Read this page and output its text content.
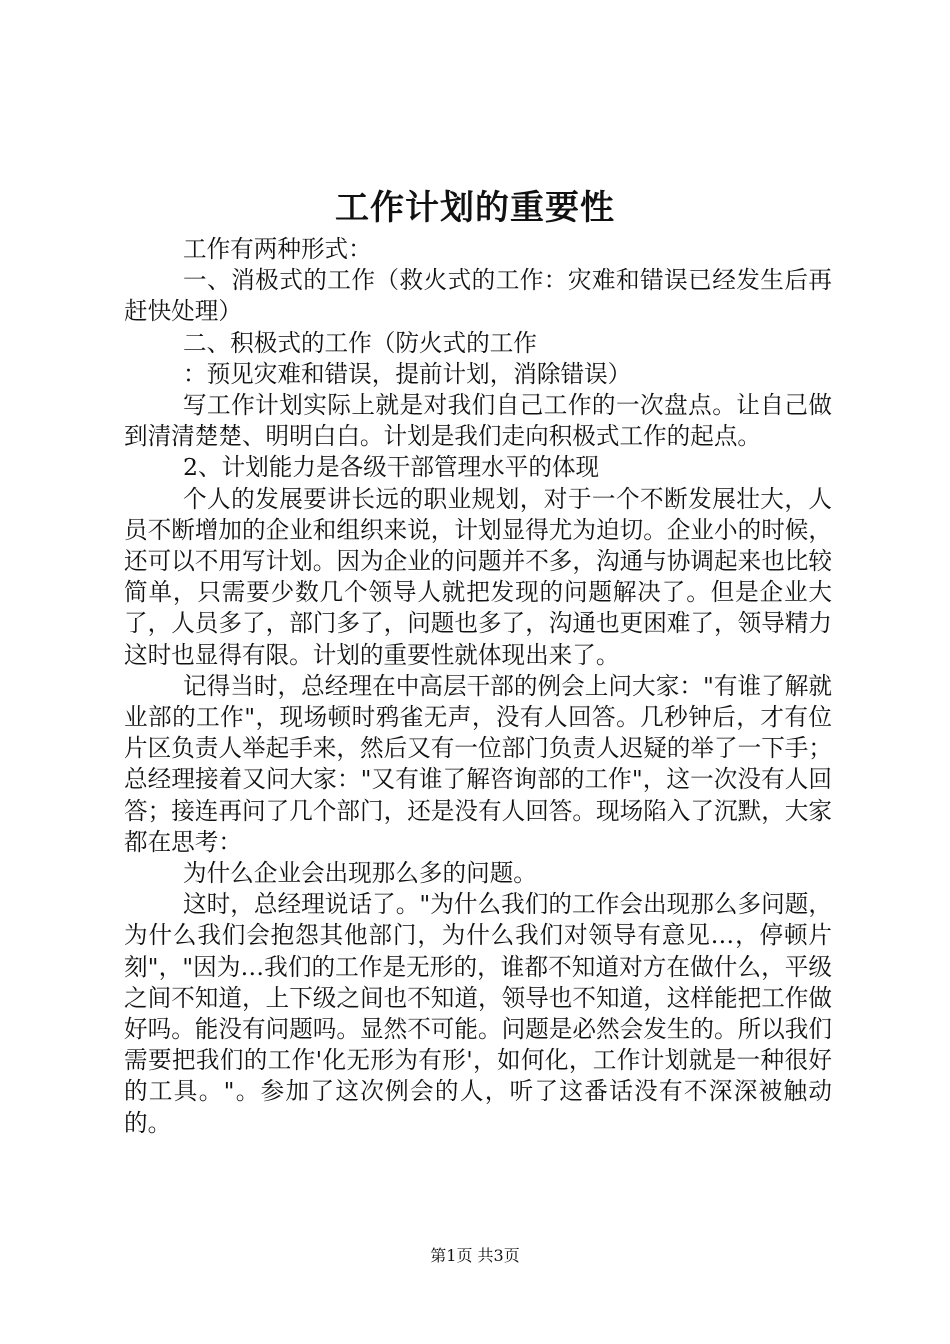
工作计划的重要性

工作有两种形式：

一、消极式的工作（救火式的工作：灾难和错误已经发生后再赶快处理）

二、积极式的工作（防火式的工作

：预见灾难和错误，提前计划，消除错误）

写工作计划实际上就是对我们自己工作的一次盘点。让自己做到清清楚楚、明明白白。计划是我们走向积极式工作的起点。

2、计划能力是各级干部管理水平的体现

个人的发展要讲长远的职业规划，对于一个不断发展壮大，人员不断增加的企业和组织来说，计划显得尤为迫切。企业小的时候，还可以不用写计划。因为企业的问题并不多，沟通与协调起来也比较简单，只需要少数几个领导人就把发现的问题解决了。但是企业大了，人员多了，部门多了，问题也多了，沟通也更困难了，领导精力这时也显得有限。计划的重要性就体现出来了。

记得当时，总经理在中高层干部的例会上问大家："有谁了解就业部的工作"，现场顿时鸦雀无声，没有人回答。几秒钟后，才有位片区负责人举起手来，然后又有一位部门负责人迟疑的举了一下手；总经理接着又问大家："又有谁了解咨询部的工作"，这一次没有人回答；接连再问了几个部门，还是没有人回答。现场陷入了沉默，大家都在思考：

为什么企业会出现那么多的问题。

这时，总经理说话了。"为什么我们的工作会出现那么多问题，为什么我们会抱怨其他部门，为什么我们对领导有意见…，停顿片刻"，"因为…我们的工作是无形的，谁都不知道对方在做什么，平级之间不知道，上下级之间也不知道，领导也不知道，这样能把工作做好吗。能没有问题吗。显然不可能。问题是必然会发生的。所以我们需要把我们的工作'化无形为有形'，如何化，工作计划就是一种很好的工具。"。参加了这次例会的人，听了这番话没有不深深被触动的。

第1页 共3页
